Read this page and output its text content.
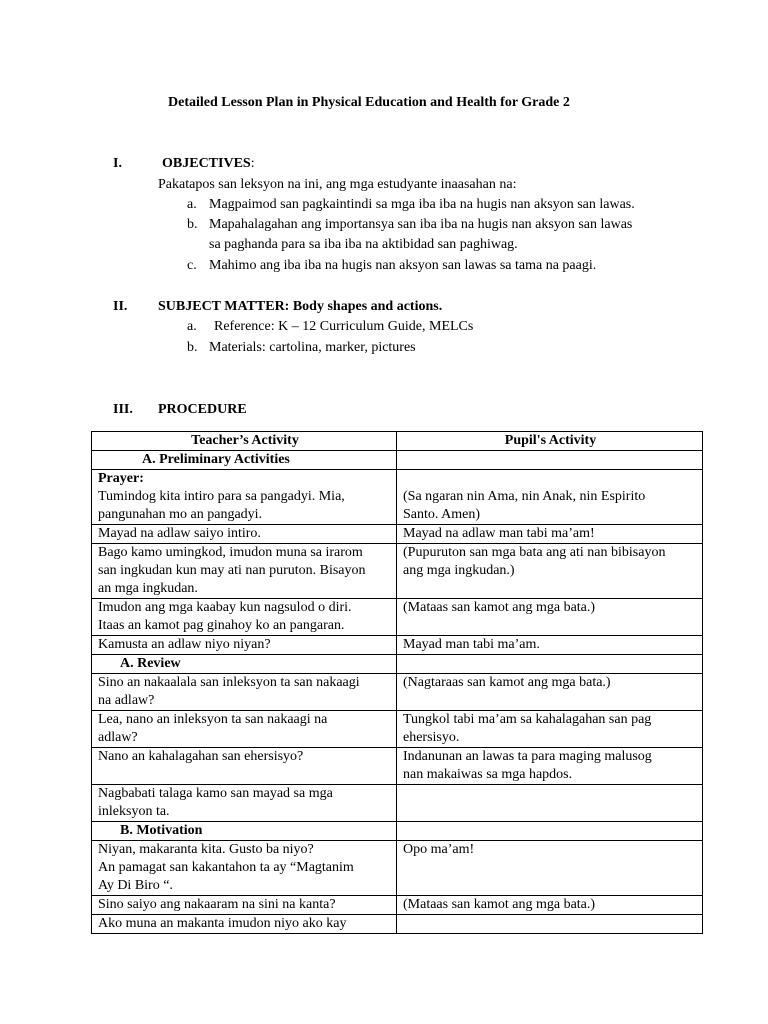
Detailed Lesson Plan in Physical Education and Health for Grade 2
I.	OBJECTIVES:
Pakatapos san leksyon na ini, ang mga estudyante inaasahan na:
a. Magpaimod san pagkaintindi sa mga iba iba na hugis nan aksyon san lawas.
b. Mapahalagahan ang importansya san iba iba na hugis nan aksyon san lawas
sa paghanda para sa iba iba na aktibidad san paghiwag.
c. Mahimo ang iba iba na hugis nan aksyon san lawas sa tama na paagi.
II. SUBJECT MATTER: Body shapes and actions.
a. Reference: K – 12 Curriculum Guide, MELCs
b. Materials: cartolina, marker, pictures
III. PROCEDURE
Teacher’s Activity	Pupil's Activity

A. Preliminary Activities	

Prayer:
Tumindog kita intiro para sa pangadyi. Mia,
pangunahan mo an pangadyi.	(Sa ngaran nin Ama, nin Anak, nin Espirito
Santo. Amen)

Mayad na adlaw saiyo intiro.	Mayad na adlaw man tabi ma’am!

Bago kamo umingkod, imudon muna sa irarom
san ingkudan kun may ati nan puruton. Bisayon
an mga ingkudan.	(Pupuruton san mga bata ang ati nan bibisayon
ang mga ingkudan.)

Imudon ang mga kaabay kun nagsulod o diri.
Itaas an kamot pag ginahoy ko an pangaran.	(Mataas san kamot ang mga bata.)

Kamusta an adlaw niyo niyan?	Mayad man tabi ma’am.

A. Review	

Sino an nakaalala san inleksyon ta san nakaagi
na adlaw?	(Nagtaraas san kamot ang mga bata.)

Lea, nano an inleksyon ta san nakaagi na
adlaw?	Tungkol tabi ma’am sa kahalagahan san pag
ehersisyo.

Nano an kahalagahan san ehersisyo?	Indanunan an lawas ta para maging malusog
nan makaiwas sa mga hapdos.

Nagbabati talaga kamo san mayad sa mga
inleksyon ta.	

B. Motivation	

Niyan, makaranta kita. Gusto ba niyo?
An pamagat san kakantahon ta ay “Magtanim
Ay Di Biro “.	Opo ma’am!

Sino saiyo ang nakaaram na sini na kanta?	(Mataas san kamot ang mga bata.)

Ako muna an makanta imudon niyo ako kay	
